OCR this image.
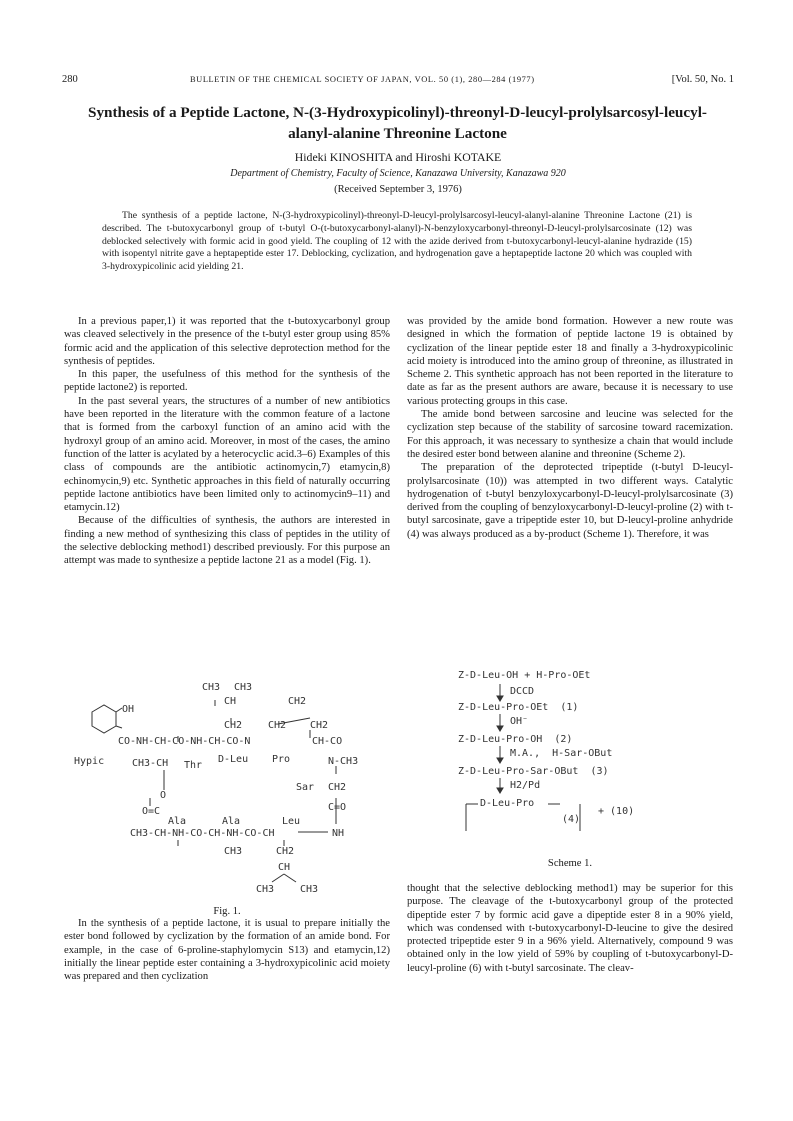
280	BULLETIN OF THE CHEMICAL SOCIETY OF JAPAN, VOL. 50 (1), 280—284 (1977)	[Vol. 50, No. 1
Synthesis of a Peptide Lactone, N-(3-Hydroxypicolinyl)-threonyl-D-leucyl-prolylsarcosyl-leucyl-alanyl-alanine Threonine Lactone
Hideki KINOSHITA and Hiroshi KOTAKE
Department of Chemistry, Faculty of Science, Kanazawa University, Kanazawa 920
(Received September 3, 1976)
The synthesis of a peptide lactone, N-(3-hydroxypicolinyl)-threonyl-D-leucyl-prolylsarcosyl-leucyl-alanyl-alanine Threonine Lactone (21) is described. The t-butoxycarbonyl group of t-butyl O-(t-butoxycarbonyl-alanyl)-N-benzyloxycarbonyl-threonyl-D-leucyl-prolylsarcosinate (12) was deblocked selectively with formic acid in good yield. The coupling of 12 with the azide derived from t-butoxycarbonyl-leucyl-alanine hydrazide (15) with isopentyl nitrite gave a heptapeptide ester 17. Deblocking, cyclization, and hydrogenation gave a heptapeptide lactone 20 which was coupled with 3-hydroxypicolinic acid yielding 21.

In a previous paper,1) it was reported that the t-butoxycarbonyl group was cleaved selectively in the presence of the t-butyl ester group using 85% formic acid and the application of this selective deprotection method for the synthesis of peptides.

In this paper, the usefulness of this method for the synthesis of the peptide lactone2) is reported.

In the past several years, the structures of a number of new antibiotics have been reported in the literature with the common feature of a lactone that is formed from the carboxyl function of an amino acid with the hydroxyl group of an amino acid. Moreover, in most of the cases, the amino function of the latter is acylated by a heterocyclic acid.3–6) Examples of this class of compounds are the antibiotic actinomycin,7) etamycin,8) echinomycin,9) etc. Synthetic approaches in this field of naturally occurring peptide lactone antibiotics have been limited only to actinomycin9–11) and etamycin.12)

Because of the difficulties of synthesis, the authors are interested in finding a new method of synthesizing this class of peptides in the utility of the selective deblocking method1) described previously. For this purpose an attempt was made to synthesize a peptide lactone 21 as a model (Fig. 1).

CH3 CH3
CH	CH2
OH
CH2	CH2 CH2
CO-NH-CH-CO-NH-CH-CO-N	CH-CO
Hypic	CH3-CH Thr
D-Leu Pro	N-CH3
Sar CH2
O
O=C	C=O
Ala	Ala	Leu
CH3-CH-NH-CO-CH-NH-CO-CH	NH
CH3	CH2
CH
CH3	CH3
Fig. 1.

In the synthesis of a peptide lactone, it is usual to prepare initially the ester bond followed by cyclization by the formation of an amide bond. For example, in the case of 6-proline-staphylomycin S13) and etamycin,12) initially the linear peptide ester containing a 3-hydroxypicolinic acid moiety was prepared and then cyclization

was provided by the amide bond formation. However a new route was designed in which the formation of peptide lactone 19 is obtained by cyclization of the linear peptide ester 18 and finally a 3-hydroxypicolinic acid moiety is introduced into the amino group of threonine, as illustrated in Scheme 2. This synthetic approach has not been reported in the literature to date as far as the present authors are aware, because it is necessary to use various protecting groups in this case.

The amide bond between sarcosine and leucine was selected for the cyclization step because of the stability of sarcosine toward racemization. For this approach, it was necessary to synthesize a chain that would include the desired ester bond between alanine and threonine (Scheme 2).

The preparation of the deprotected tripeptide (t-butyl D-leucyl-prolylsarcosinate (10)) was attempted in two different ways. Catalytic hydrogenation of t-butyl benzyloxycarbonyl-D-leucyl-prolylsarcosinate (3) derived from the coupling of benzyloxycarbonyl-D-leucyl-proline (2) with t-butyl sarcosinate, gave a tripeptide ester 10, but D-leucyl-proline anhydride (4) was always produced as a by-product (Scheme 1). Therefore, it was

Z-D-Leu-OH + H-Pro-OEt
DCCD
Z-D-Leu-Pro-OEt  (1)
OH⁻
Z-D-Leu-Pro-OH  (2)
M.A.,  H-Sar-OBut
Z-D-Leu-Pro-Sar-OBut  (3)
H2/Pd
D-Leu-Pro
(4)
+ (10)
Scheme 1.

thought that the selective deblocking method1) may be superior for this purpose. The cleavage of the t-butoxycarbonyl group of the protected dipeptide ester 7 by formic acid gave a dipeptide ester 8 in a 90% yield, which was condensed with t-butoxycarbonyl-D-leucine to give the desired protected tripeptide ester 9 in a 96% yield. Alternatively, compound 9 was obtained only in the low yield of 59% by coupling of t-butoxycarbonyl-D-leucyl-proline (6) with t-butyl sarcosinate. The cleav-
